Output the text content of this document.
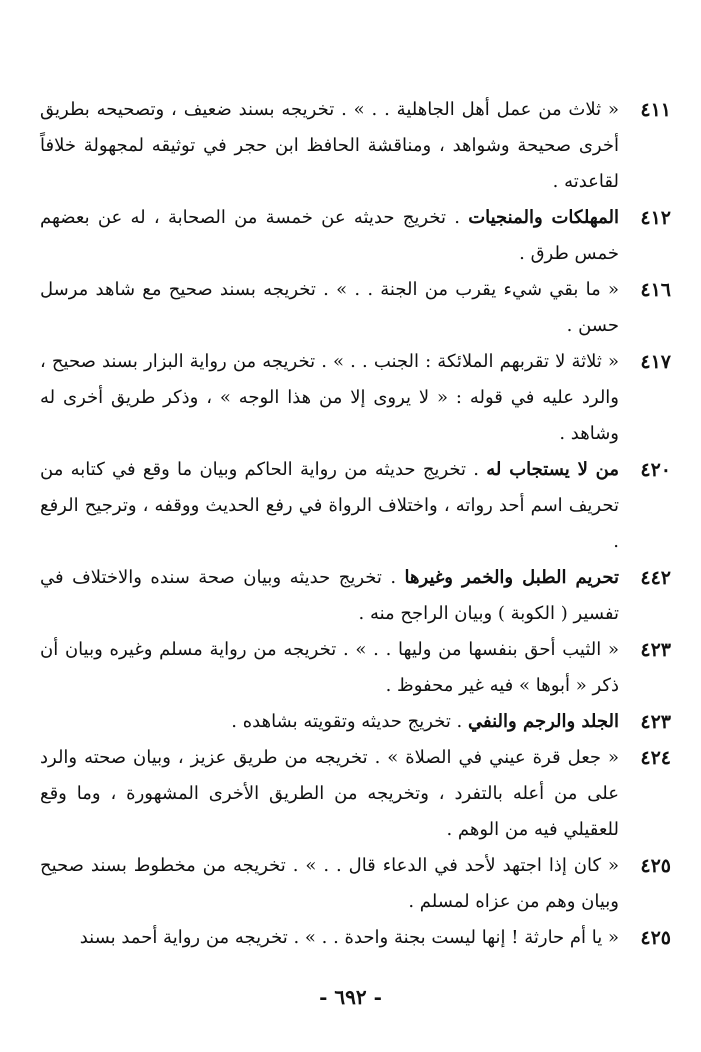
٤١١
« ثلاث من عمل أهل الجاهلية . . » . تخريجه بسند ضعيف ، وتصحيحه بطريق أخرى صحيحة وشواهد ، ومناقشة الحافظ ابن حجر في توثيقه لمجهولة خلافاً لقاعدته .
٤١٢
المهلكات والمنجيات . تخريج حديثه عن خمسة من الصحابة ، له عن بعضهم خمس طرق .
٤١٦
« ما بقي شيء يقرب من الجنة . . » . تخريجه بسند صحيح مع شاهد مرسل حسن .
٤١٧
« ثلاثة لا تقربهم الملائكة : الجنب . . » . تخريجه من رواية البزار بسند صحيح ، والرد عليه في قوله : « لا يروى إلا من هذا الوجه » ، وذكر طريق أخرى له وشاهد .
٤٢٠
من لا يستجاب له . تخريج حديثه من رواية الحاكم وبيان ما وقع في كتابه من تحريف اسم أحد رواته ، واختلاف الرواة في رفع الحديث ووقفه ، وترجيح الرفع .
٤٤٢
تحريم الطبل والخمر وغيرها . تخريج حديثه وبيان صحة سنده والاختلاف في تفسير ( الكوبة ) وبيان الراجح منه .
٤٢٣
« الثيب أحق بنفسها من وليها . . » . تخريجه من رواية مسلم وغيره وبيان أن ذكر « أبوها » فيه غير محفوظ .
٤٢٣
الجلد والرجم والنفي . تخريج حديثه وتقويته بشاهده .
٤٢٤
« جعل قرة عيني في الصلاة » . تخريجه من طريق عزيز ، وبيان صحته والرد على من أعله بالتفرد ، وتخريجه من الطريق الأخرى المشهورة ، وما وقع للعقيلي فيه من الوهم .
٤٢٥
« كان إذا اجتهد لأحد في الدعاء قال . . » . تخريجه من مخطوط بسند صحيح وبيان وهم من عزاه لمسلم .
٤٢٥
« يا أم حارثة ! إنها ليست بجنة واحدة . . » . تخريجه من رواية أحمد بسند
- ٦٩٢ -
